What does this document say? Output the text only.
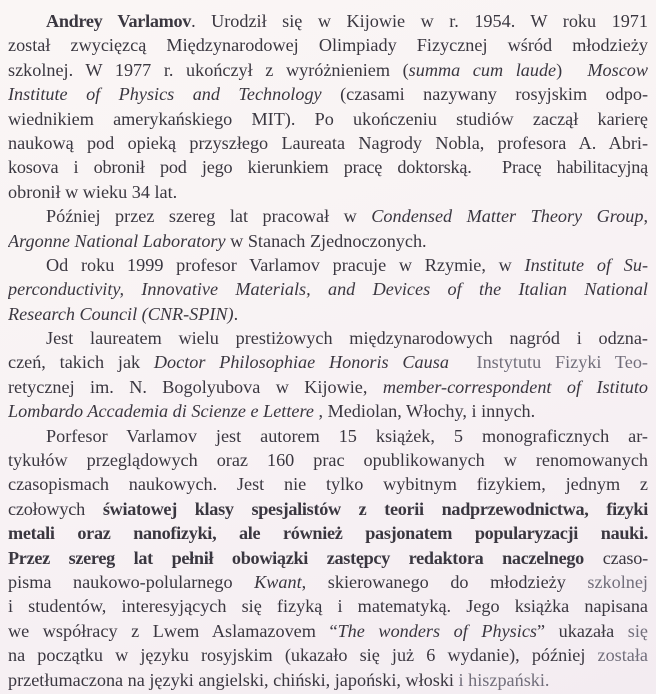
Andrey Varlamov. Urodził się w Kijowie w r. 1954. W roku 1971
został zwycięzcą Międzynarodowej Olimpiady Fizycznej wśród młodzieży
szkolnej. W 1977 r. ukończył z wyróżnieniem (summa cum laude)  Moscow
Institute of Physics and Technology (czasami nazywany rosyjskim odpo-
wiednikiem amerykańskiego MIT). Po ukończeniu studiów zaczął karierę
naukową pod opieką przyszłego Laureata Nagrody Nobla, profesora A. Abri-
kosova i obronił pod jego kierunkiem pracę doktorską.  Pracę habilitacyjną
obronił w wieku 34 lat.
Później przez szereg lat pracował w Condensed Matter Theory Group,
Argonne National Laboratory w Stanach Zjednoczonych.
Od roku 1999 profesor Varlamov pracuje w Rzymie, w Institute of Su-
perconductivity, Innovative Materials, and Devices of the Italian National
Research Council (CNR-SPIN).
Jest laureatem wielu prestiżowych międzynarodowych nagród i odzna-
czeń, takich jak Doctor Philosophiae Honoris Causa Instytutu Fizyki Teo-
retycznej im. N. Bogolyubova w Kijowie, member-correspondent of Istituto
Lombardo Accademia di Scienze e Lettere , Mediolan, Włochy, i innych.
Porfesor Varlamov jest autorem 15 książek, 5 monograficznych ar-
tykułów przeglądowych oraz 160 prac opublikowanych w renomowanych
czasopismach naukowych. Jest nie tylko wybitnym fizykiem, jednym z
czołowych światowej klasy spesjalistów z teorii nadprzewodnictwa, fizyki
metali oraz nanofizyki, ale również pasjonatem popularyzacji nauki.
Przez szereg lat pełnił obowiązki zastępcy redaktora naczelnego czaso-
pisma naukowo-polularnego Kwant, skierowanego do młodzieży szkolnej
i studentów, interesyjących się fizyką i matematyką. Jego książka napisana
we współracy z Lwem Aslamazovem “The wonders of Physics” ukazała się
na początku w języku rosyjskim (ukazało się już 6 wydanie), później została
przetłumaczona na języki angielski, chiński, japoński, włoski i hiszpański.
